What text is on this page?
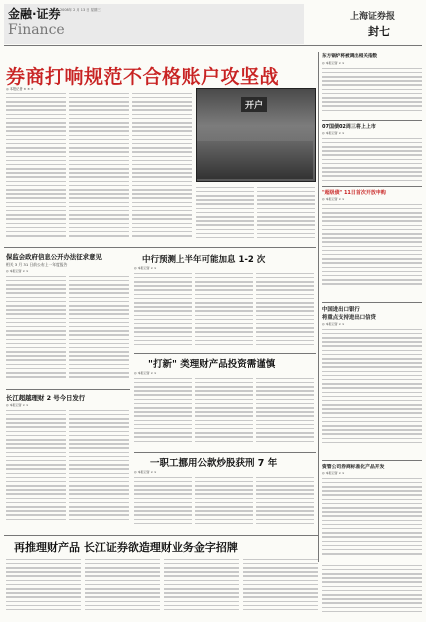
金融·证券
Finance
2008年 2 月 13 日 星期三
上海证券报
封七
券商打响规范不合格账户攻坚战
◎ 本报记者 × × ×
开户
东方锅炉将被调出相关指数
◎ 本报记者 × ×
07国债02周三将上上市
◎ 本报记者 × ×
"超级债" 11日首次开放申购
◎ 本报记者 × ×
中国进出口银行
将重点支持进出口信贷
◎ 本报记者 × ×
资管公司券商标准化产品开发
◎ 本报记者 × ×
保监会政府信息公开办法征求意见
相关 3 月 31 日前公布上一年度报告
◎ 本报记者 × ×
长江超越理财 2 号今日发行
◎ 本报记者 × ×
中行预测上半年可能加息 1-2 次
◎ 本报记者 × ×
"打新" 类理财产品投资需谨慎
◎ 本报记者 × ×
一职工挪用公款炒股获刑 7 年
◎ 本报记者 × ×
再推理财产品 长江证券欲造理财业务金字招牌
